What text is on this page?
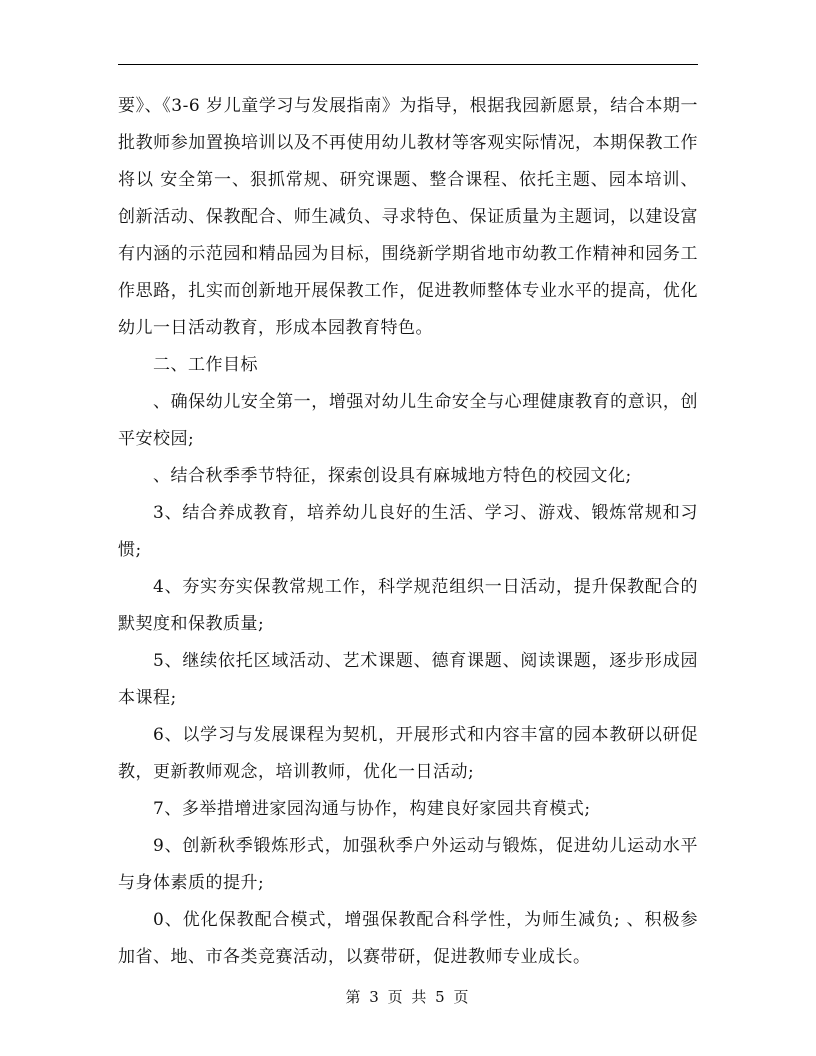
要》、《3-6 岁儿童学习与发展指南》为指导，根据我园新愿景，结合本期一批教师参加置换培训以及不再使用幼儿教材等客观实际情况，本期保教工作将以 安全第一、狠抓常规、研究课题、整合课程、依托主题、园本培训、创新活动、保教配合、师生减负、寻求特色、保证质量为主题词，以建设富有内涵的示范园和精品园为目标，围绕新学期省地市幼教工作精神和园务工作思路，扎实而创新地开展保教工作，促进教师整体专业水平的提高，优化幼儿一日活动教育，形成本园教育特色。

二、工作目标

、确保幼儿安全第一，增强对幼儿生命安全与心理健康教育的意识，创平安校园;

、结合秋季季节特征，探索创设具有麻城地方特色的校园文化;

3、结合养成教育，培养幼儿良好的生活、学习、游戏、锻炼常规和习惯;

4、夯实夯实保教常规工作，科学规范组织一日活动，提升保教配合的默契度和保教质量;

5、继续依托区域活动、艺术课题、德育课题、阅读课题，逐步形成园本课程;

6、以学习与发展课程为契机，开展形式和内容丰富的园本教研以研促教，更新教师观念，培训教师，优化一日活动;

7、多举措增进家园沟通与协作，构建良好家园共育模式;

9、创新秋季锻炼形式，加强秋季户外运动与锻炼，促进幼儿运动水平与身体素质的提升;

0、优化保教配合模式，增强保教配合科学性，为师生减负; 、积极参加省、地、市各类竞赛活动，以赛带研，促进教师专业成长。

第 3 页 共 5 页
